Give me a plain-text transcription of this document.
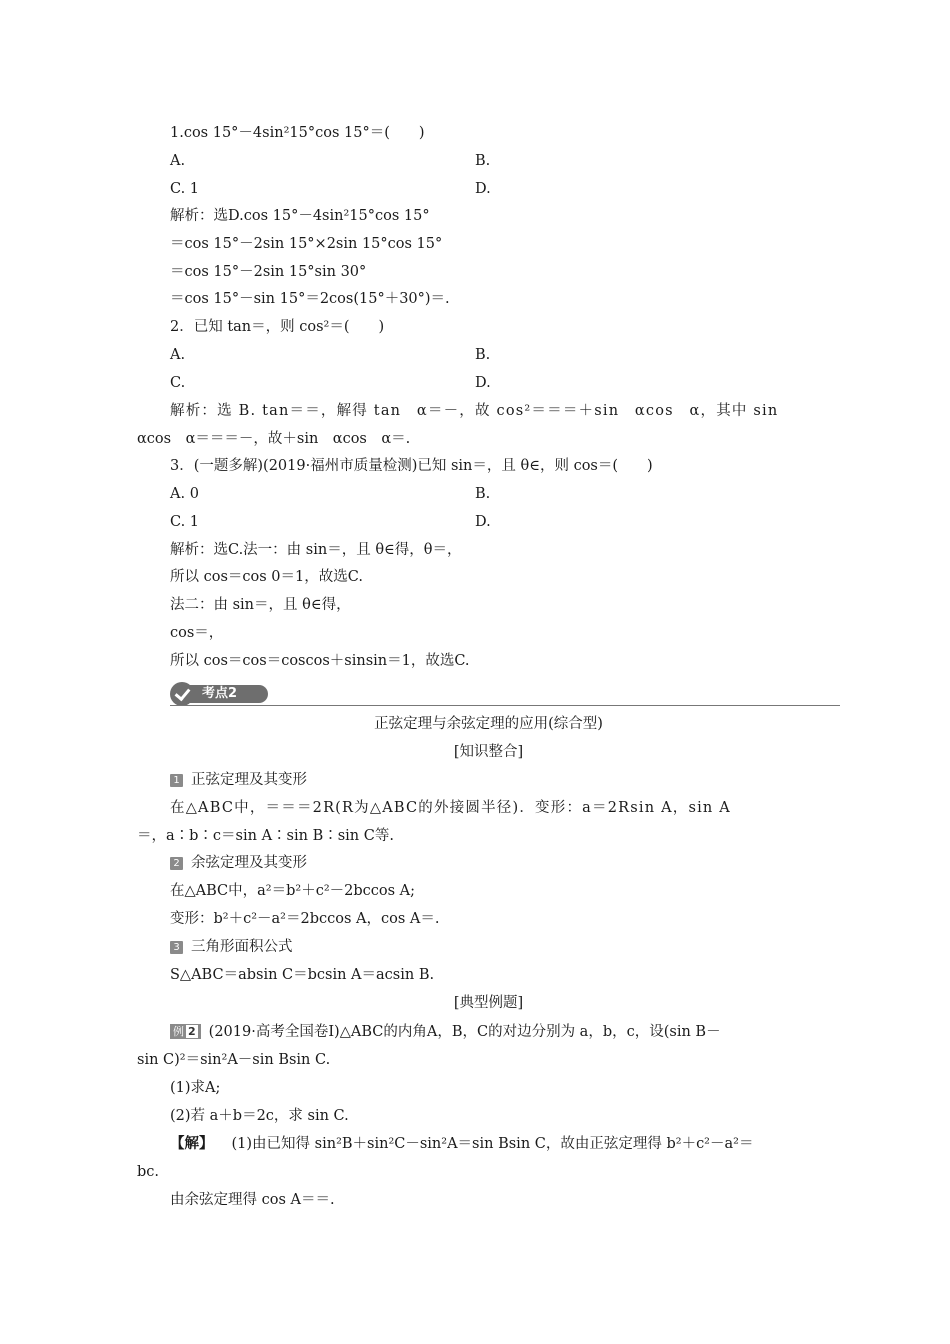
1.cos 15°－4sin²15°cos 15°＝(　　)
A.	B.
C. 1	D.
解析：选D.cos 15°－4sin²15°cos 15°
＝cos 15°－2sin 15°×2sin 15°cos 15°
＝cos 15°－2sin 15°sin 30°
＝cos 15°－sin 15°＝2cos(15°＋30°)＝.
2．已知 tan＝，则 cos²＝(　　)
A.	B.
C.	D.
解析：选 B. tan＝＝，解得 tan　α＝－，故 cos²＝＝＝＋sin　αcos　α，其中 sin
αcos　α＝＝＝－，故＋sin　αcos　α＝.
3．(一题多解)(2019·福州市质量检测)已知 sin＝，且 θ∈，则 cos＝(　　)
A. 0	B.
C. 1	D.
解析：选C.法一：由 sin＝，且 θ∈得，θ＝，
所以 cos＝cos 0＝1，故选C.
法二：由 sin＝，且 θ∈得，
cos＝，
所以 cos＝cos＝coscos＋sinsin＝1，故选C.
考点2
正弦定理与余弦定理的应用(综合型)
[知识整合]
1 正弦定理及其变形
在△ABC中，＝＝＝2R(R为△ABC的外接圆半径)．变形：a＝2Rsin A，sin A
＝，a∶b∶c＝sin A∶sin B∶sin C等.
2 余弦定理及其变形
在△ABC中，a²＝b²＋c²－2bccos A;
变形：b²＋c²－a²＝2bccos A，cos A＝.
3 三角形面积公式
S△ABC＝absin C＝bcsin A＝acsin B.
[典型例题]
例 2 (2019·高考全国卷Ⅰ)△ABC的内角A，B，C的对边分别为 a，b，c，设(sin B－
sin C)²＝sin²A－sin Bsin C.
(1)求A;
(2)若 a＋b＝2c，求 sin C.
【解】 (1)由已知得 sin²B＋sin²C－sin²A＝sin Bsin C，故由正弦定理得 b²＋c²－a²＝
bc.
由余弦定理得 cos A＝＝.
